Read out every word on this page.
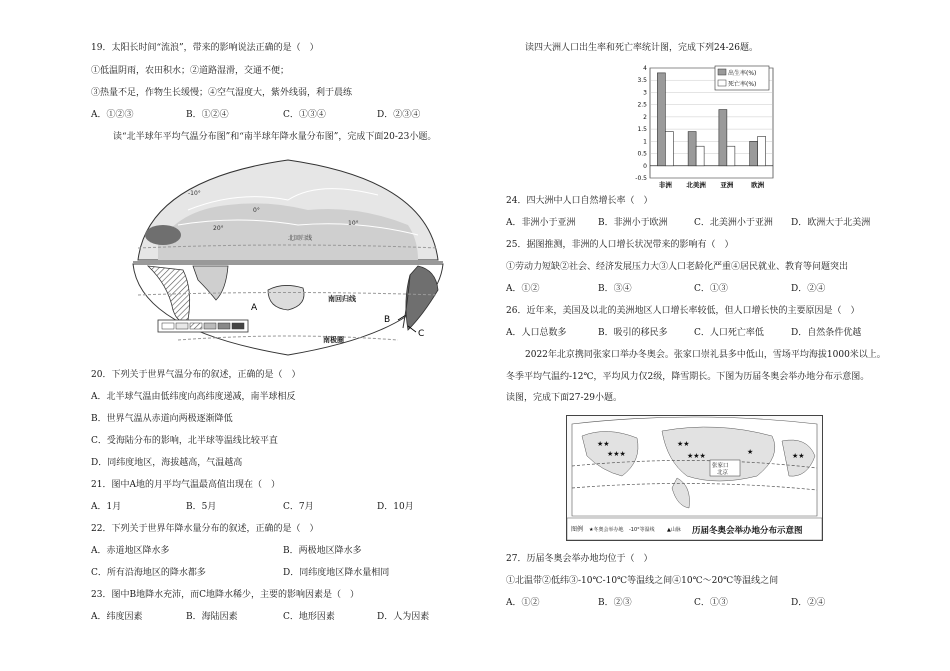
19．太阳长时间“流浪”，带来的影响说法正确的是（　）
①低温阴雨，农田积水；②道路湿滑，交通不便；
③热量不足，作物生长缓慢；④空气湿度大，紫外线弱，利于晨练
A．①②③	B．①②④	C．①③④	D．②③④
读“北半球年平均气温分布图”和“南半球年降水量分布图”，完成下面20-23小题。
0°
10°
20°
-10°
北回归线
南回归线
南极圈
A
B
C
20．下列关于世界气温分布的叙述，正确的是（　）
A．北半球气温由低纬度向高纬度递减，南半球相反
B．世界气温从赤道向两极逐渐降低
C．受海陆分布的影响，北半球等温线比较平直
D．同纬度地区，海拔越高，气温越高
21．图中A地的月平均气温最高值出现在（　）
A．1月	B．5月	C．7月	D．10月
22．下列关于世界年降水量分布的叙述，正确的是（　）
A．赤道地区降水多	B．两极地区降水多
C．所有沿海地区的降水都多	D．同纬度地区降水量相同
23．图中B地降水充沛，而C地降水稀少，主要的影响因素是（　）
A．纬度因素	B．海陆因素	C．地形因素	D．人为因素
读四大洲人口出生率和死亡率统计图，完成下列24-26题。
-0.5
0
0.5
1
1.5
2
2.5
3
3.5
4
非洲 北美洲 亚洲	欧洲
出生率(%)
死亡率(%)
24．四大洲中人口自然增长率（　）
A．非洲小于亚洲	B．非洲小于欧洲	C．北美洲小于亚洲 D．欧洲大于北美洲
25．据图推测，非洲的人口增长状况带来的影响有（　）
①劳动力短缺②社会、经济发展压力大③人口老龄化严重④居民就业、教育等问题突出
A．①②	B．③④	C．①③	D．②④
26．近年来，美国及以北的美洲地区人口增长率较低，但人口增长快的主要原因是（　）
A．人口总数多	B．吸引的移民多	C．人口死亡率低	D．自然条件优越
2022年北京携同张家口举办冬奥会。张家口崇礼县多中低山，雪场平均海拔1000米以上。
冬季平均气温约-12℃，平均风力仅2级，降雪期长。下图为历届冬奥会举办地分布示意图。
读图，完成下面27-29小题。
★★
★★★
★★
★★★	★	★★
张家口
北京
图例 ★冬奥会举办地 -10°等温线 ▲山脉 历届冬奥会举办地分布示意图
27．历届冬奥会举办地均位于（　）
①北温带②低纬③-10℃-10℃等温线之间④10℃～20℃等温线之间
A．①②	B．②③	C．①③	D．②④
